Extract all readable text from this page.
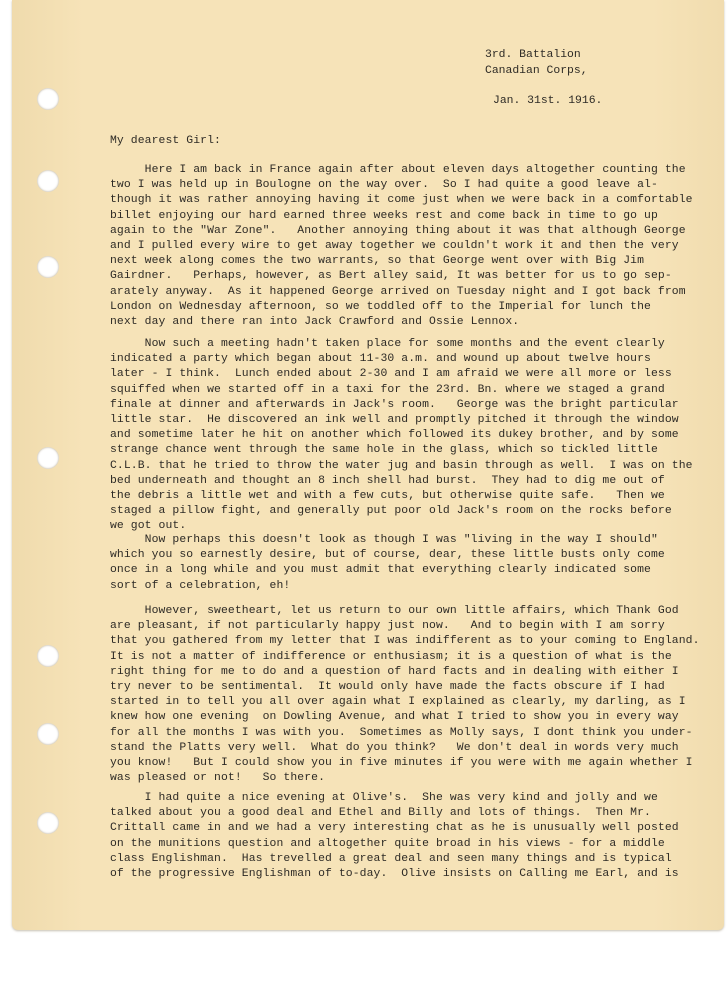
3rd. Battalion
Canadian Corps,
Jan. 31st. 1916.
My dearest Girl:
Here I am back in France again after about eleven days altogether counting the
two I was held up in Boulogne on the way over.  So I had quite a good leave al-
though it was rather annoying having it come just when we were back in a comfortable
billet enjoying our hard earned three weeks rest and come back in time to go up
again to the "War Zone".   Another annoying thing about it was that although George
and I pulled every wire to get away together we couldn't work it and then the very
next week along comes the two warrants, so that George went over with Big Jim
Gairdner.   Perhaps, however, as Bert alley said, It was better for us to go sep-
arately anyway.  As it happened George arrived on Tuesday night and I got back from
London on Wednesday afternoon, so we toddled off to the Imperial for lunch the
next day and there ran into Jack Crawford and Ossie Lennox.
Now such a meeting hadn't taken place for some months and the event clearly
indicated a party which began about 11-30 a.m. and wound up about twelve hours
later - I think.  Lunch ended about 2-30 and I am afraid we were all more or less
squiffed when we started off in a taxi for the 23rd. Bn. where we staged a grand
finale at dinner and afterwards in Jack's room.   George was the bright particular
little star.  He discovered an ink well and promptly pitched it through the window
and sometime later he hit on another which followed its dukey brother, and by some
strange chance went through the same hole in the glass, which so tickled little
C.L.B. that he tried to throw the water jug and basin through as well.  I was on the
bed underneath and thought an 8 inch shell had burst.  They had to dig me out of
the debris a little wet and with a few cuts, but otherwise quite safe.   Then we
staged a pillow fight, and generally put poor old Jack's room on the rocks before
we got out.
Now perhaps this doesn't look as though I was "living in the way I should"
which you so earnestly desire, but of course, dear, these little busts only come
once in a long while and you must admit that everything clearly indicated some
sort of a celebration, eh!
However, sweetheart, let us return to our own little affairs, which Thank God
are pleasant, if not particularly happy just now.   And to begin with I am sorry
that you gathered from my letter that I was indifferent as to your coming to England.
It is not a matter of indifference or enthusiasm; it is a question of what is the
right thing for me to do and a question of hard facts and in dealing with either I
try never to be sentimental.  It would only have made the facts obscure if I had
started in to tell you all over again what I explained as clearly, my darling, as I
knew how one evening  on Dowling Avenue, and what I tried to show you in every way
for all the months I was with you.  Sometimes as Molly says, I dont think you under-
stand the Platts very well.  What do you think?   We don't deal in words very much
you know!   But I could show you in five minutes if you were with me again whether I
was pleased or not!   So there.
I had quite a nice evening at Olive's.  She was very kind and jolly and we
talked about you a good deal and Ethel and Billy and lots of things.  Then Mr.
Crittall came in and we had a very interesting chat as he is unusually well posted
on the munitions question and altogether quite broad in his views - for a middle
class Englishman.  Has trevelled a great deal and seen many things and is typical
of the progressive Englishman of to-day.  Olive insists on Calling me Earl, and is
